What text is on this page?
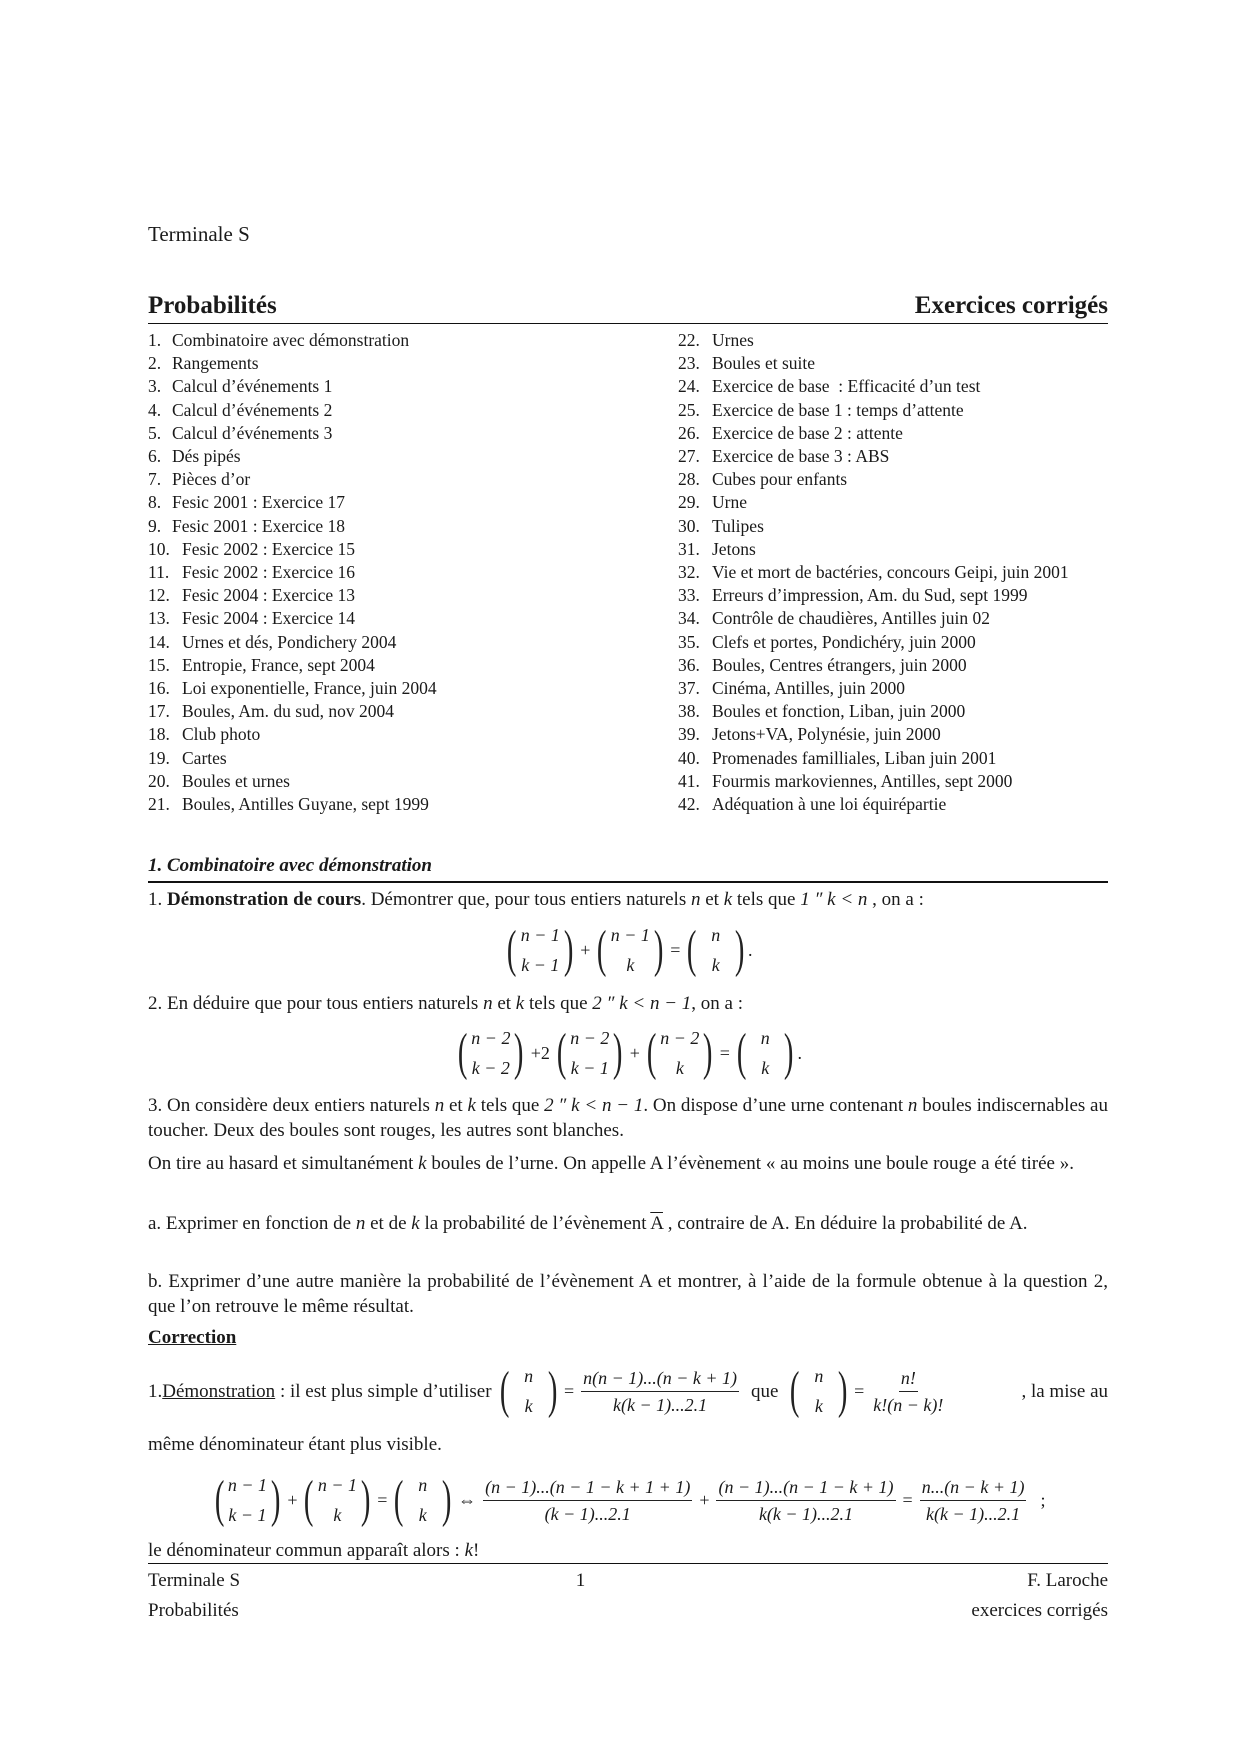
Terminale S
Probabilités	Exercices corrigés
1. Combinatoire avec démonstration
2. Rangements
3. Calcul d’événements 1
4. Calcul d’événements 2
5. Calcul d’événements 3
6. Dés pipés
7. Pièces d’or
8. Fesic 2001 : Exercice 17
9. Fesic 2001 : Exercice 18
10. Fesic 2002 : Exercice 15
11. Fesic 2002 : Exercice 16
12. Fesic 2004 : Exercice 13
13. Fesic 2004 : Exercice 14
14. Urnes et dés, Pondichery 2004
15. Entropie, France, sept 2004
16. Loi exponentielle, France, juin 2004
17. Boules, Am. du sud, nov 2004
18. Club photo
19. Cartes
20. Boules et urnes
21. Boules, Antilles Guyane, sept 1999
22. Urnes
23. Boules et suite
24. Exercice de base  : Efficacité d’un test
25. Exercice de base 1 : temps d’attente
26. Exercice de base 2 : attente
27. Exercice de base 3 : ABS
28. Cubes pour enfants
29. Urne
30. Tulipes
31. Jetons
32. Vie et mort de bactéries, concours Geipi, juin 2001
33. Erreurs d’impression, Am. du Sud, sept 1999
34. Contrôle de chaudières, Antilles juin 02
35. Clefs et portes, Pondichéry, juin 2000
36. Boules, Centres étrangers, juin 2000
37. Cinéma, Antilles, juin 2000
38. Boules et fonction, Liban, juin 2000
39. Jetons+VA, Polynésie, juin 2000
40. Promenades familliales, Liban juin 2001
41. Fourmis markoviennes, Antilles, sept 2000
42. Adéquation à une loi équirépartie
1. Combinatoire avec démonstration
1. Démonstration de cours. Démontrer que, pour tous entiers naturels n et k tels que 1 ″ k < n , on a :
( n − 1
k − 1 ) + ( n − 1
k ) = ( n
k ) .
2. En déduire que pour tous entiers naturels n et k tels que 2 ″ k < n − 1, on a :
( n − 2
k − 2 ) +2 ( n − 2
k − 1 ) + ( n − 2
k ) = ( n
k ) .
3. On considère deux entiers naturels n et k tels que 2 ″ k < n − 1. On dispose d’une urne contenant n boules indiscernables au toucher. Deux des boules sont rouges, les autres sont blanches.
On tire au hasard et simultanément k boules de l’urne. On appelle A l’évènement « au moins une boule rouge a été tirée ».
a. Exprimer en fonction de n et de k la probabilité de l’évènement $\overline{A}$ , contraire de A. En déduire la probabilité de A.
b. Exprimer d’une autre manière la probabilité de l’évènement A et montrer, à l’aide de la formule obtenue à la question 2, que l’on retrouve le même résultat.
Correction
1. Démonstration : il est plus simple d’utiliser ( n
k ) = $\frac{n(n - 1)...(n - k + 1)}{k(k - 1)...2.1}$ que ( n
k ) = $\frac{n!}{k!(n - k)!}$	, la mise au
même dénominateur étant plus visible.
( n − 1
k − 1 ) + ( n − 1
k ) = ( n
k ) ⇔ $\frac{(n - 1)...(n - 1 - k + 1 + 1)}{(k - 1)...2.1} + \frac{(n - 1)...(n - 1 - k + 1)}{k(k - 1)...2.1} = \frac{n...(n - k + 1)}{k(k - 1)...2.1}$ ;
le dénominateur commun apparaît alors : k!
Terminale S	1	F. Laroche
Probabilités	exercices corrigés
